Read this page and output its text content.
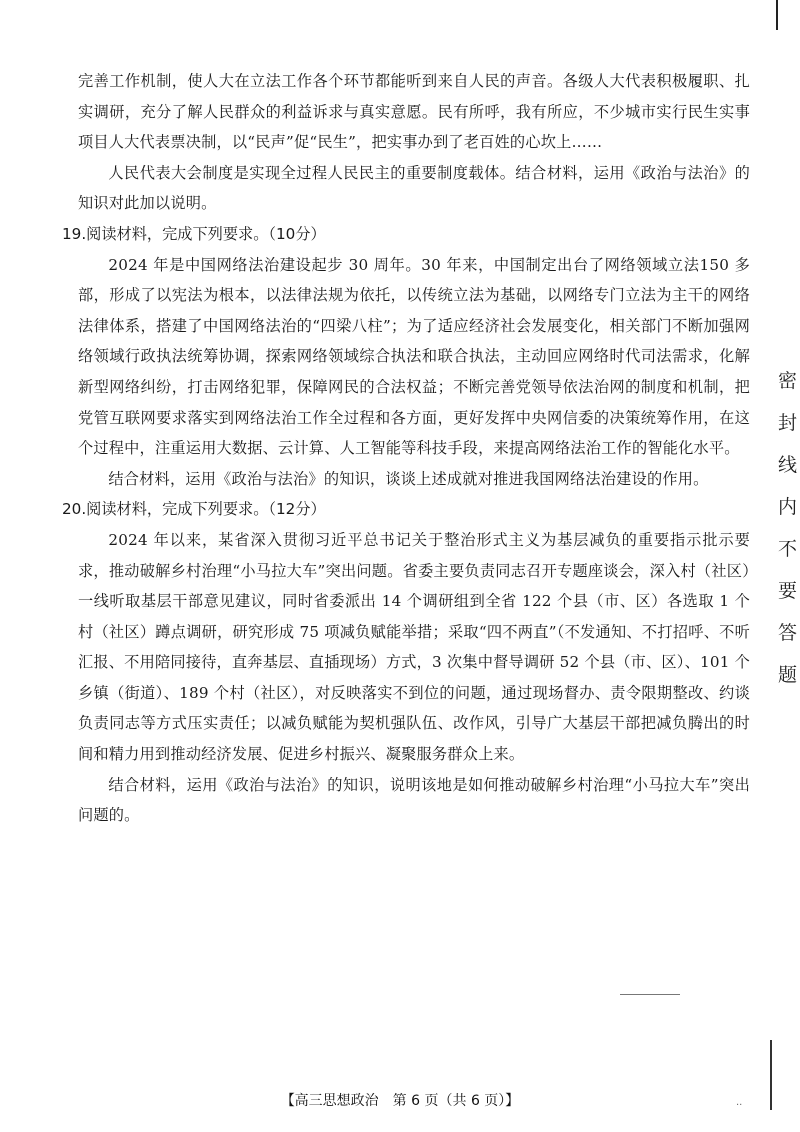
密封线内不要答题

完善工作机制，使人大在立法工作各个环节都能听到来自人民的声音。各级人大代表积极履职、扎实调研，充分了解人民群众的利益诉求与真实意愿。民有所呼，我有所应，不少城市实行民生实事项目人大代表票决制，以“民声”促“民生”，把实事办到了老百姓的心坎上……

人民代表大会制度是实现全过程人民民主的重要制度载体。结合材料，运用《政治与法治》的知识对此加以说明。

19.阅读材料，完成下列要求。（10分）

2024 年是中国网络法治建设起步 30 周年。30 年来，中国制定出台了网络领域立法150 多部，形成了以宪法为根本，以法律法规为依托，以传统立法为基础，以网络专门立法为主干的网络法律体系，搭建了中国网络法治的“四梁八柱”；为了适应经济社会发展变化，相关部门不断加强网络领域行政执法统筹协调，探索网络领域综合执法和联合执法，主动回应网络时代司法需求，化解新型网络纠纷，打击网络犯罪，保障网民的合法权益；不断完善党领导依法治网的制度和机制，把党管互联网要求落实到网络法治工作全过程和各方面，更好发挥中央网信委的决策统筹作用，在这个过程中，注重运用大数据、云计算、人工智能等科技手段，来提高网络法治工作的智能化水平。

结合材料，运用《政治与法治》的知识，谈谈上述成就对推进我国网络法治建设的作用。

20.阅读材料，完成下列要求。（12分）

2024 年以来，某省深入贯彻习近平总书记关于整治形式主义为基层减负的重要指示批示要求，推动破解乡村治理“小马拉大车”突出问题。省委主要负责同志召开专题座谈会，深入村（社区）一线听取基层干部意见建议，同时省委派出 14 个调研组到全省 122 个县（市、区）各选取 1 个村（社区）蹲点调研，研究形成 75 项减负赋能举措；采取“四不两直”（不发通知、不打招呼、不听汇报、不用陪同接待，直奔基层、直插现场）方式，3 次集中督导调研 52 个县（市、区）、101 个乡镇（街道）、189 个村（社区），对反映落实不到位的问题，通过现场督办、责令限期整改、约谈负责同志等方式压实责任；以减负赋能为契机强队伍、改作风，引导广大基层干部把减负腾出的时间和精力用到推动经济发展、促进乡村振兴、凝聚服务群众上来。

结合材料，运用《政治与法治》的知识，说明该地是如何推动破解乡村治理“小马拉大车”突出问题的。

【高三思想政治　第 6 页（共 6 页）】	··
